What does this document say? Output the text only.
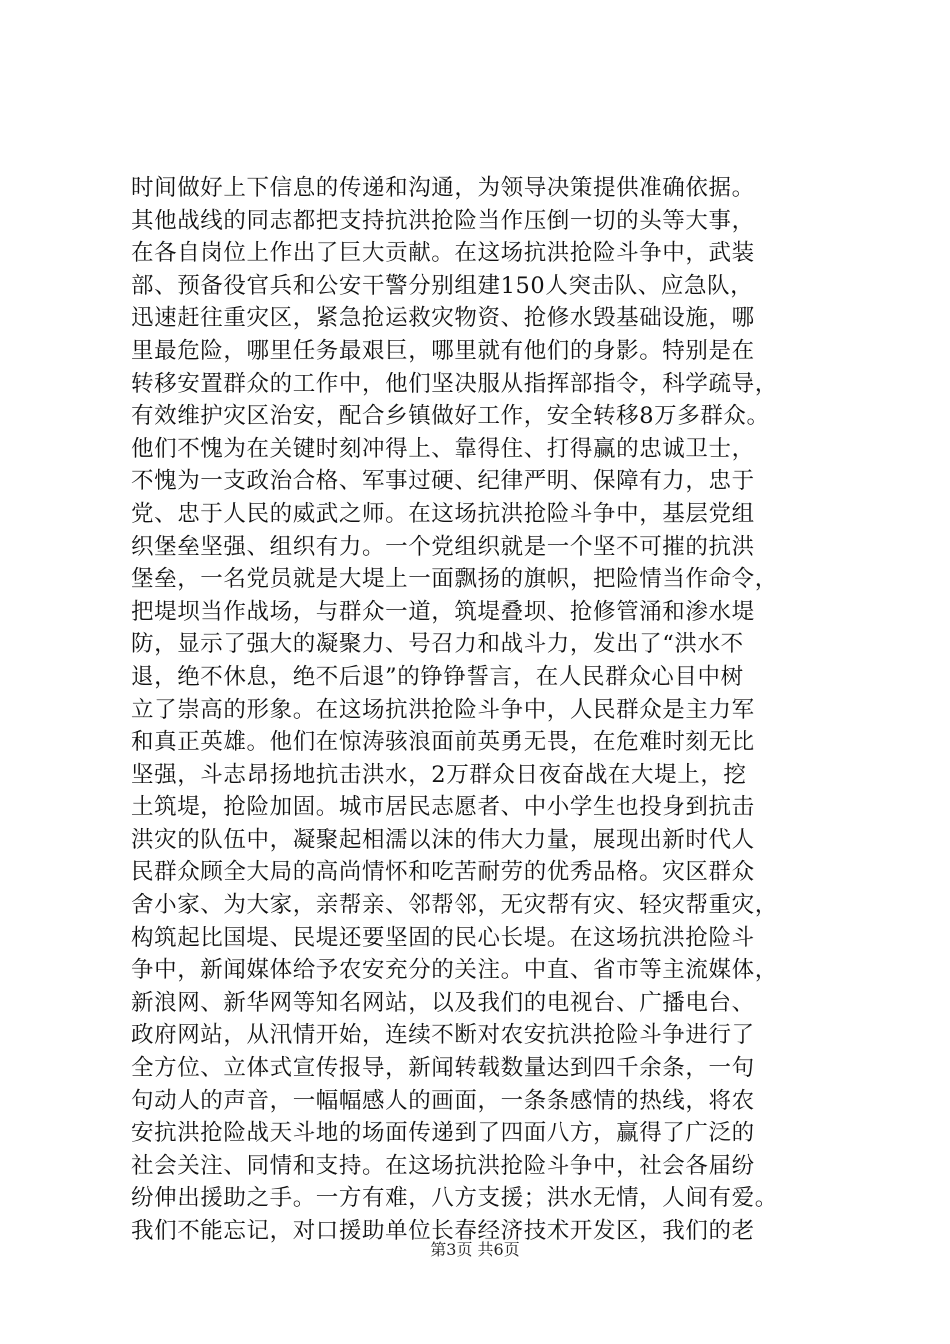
时间做好上下信息的传递和沟通，为领导决策提供准确依据。
其他战线的同志都把支持抗洪抢险当作压倒一切的头等大事，
在各自岗位上作出了巨大贡献。在这场抗洪抢险斗争中，武装
部、预备役官兵和公安干警分别组建150人突击队、应急队，
迅速赶往重灾区，紧急抢运救灾物资、抢修水毁基础设施，哪
里最危险，哪里任务最艰巨，哪里就有他们的身影。特别是在
转移安置群众的工作中，他们坚决服从指挥部指令，科学疏导，
有效维护灾区治安，配合乡镇做好工作，安全转移8万多群众。
他们不愧为在关键时刻冲得上、靠得住、打得赢的忠诚卫士，
不愧为一支政治合格、军事过硬、纪律严明、保障有力，忠于
党、忠于人民的威武之师。在这场抗洪抢险斗争中，基层党组
织堡垒坚强、组织有力。一个党组织就是一个坚不可摧的抗洪
堡垒，一名党员就是大堤上一面飘扬的旗帜，把险情当作命令，
把堤坝当作战场，与群众一道，筑堤叠坝、抢修管涌和渗水堤
防，显示了强大的凝聚力、号召力和战斗力，发出了“洪水不
退，绝不休息，绝不后退”的铮铮誓言，在人民群众心目中树
立了崇高的形象。在这场抗洪抢险斗争中，人民群众是主力军
和真正英雄。他们在惊涛骇浪面前英勇无畏，在危难时刻无比
坚强，斗志昂扬地抗击洪水，2万群众日夜奋战在大堤上，挖
土筑堤，抢险加固。城市居民志愿者、中小学生也投身到抗击
洪灾的队伍中，凝聚起相濡以沫的伟大力量，展现出新时代人
民群众顾全大局的高尚情怀和吃苦耐劳的优秀品格。灾区群众
舍小家、为大家，亲帮亲、邻帮邻，无灾帮有灾、轻灾帮重灾，
构筑起比国堤、民堤还要坚固的民心长堤。在这场抗洪抢险斗
争中，新闻媒体给予农安充分的关注。中直、省市等主流媒体，
新浪网、新华网等知名网站，以及我们的电视台、广播电台、
政府网站，从汛情开始，连续不断对农安抗洪抢险斗争进行了
全方位、立体式宣传报导，新闻转载数量达到四千余条，一句
句动人的声音，一幅幅感人的画面，一条条感情的热线，将农
安抗洪抢险战天斗地的场面传递到了四面八方，赢得了广泛的
社会关注、同情和支持。在这场抗洪抢险斗争中，社会各届纷
纷伸出援助之手。一方有难，八方支援；洪水无情，人间有爱。
我们不能忘记，对口援助单位长春经济技术开发区，我们的老
第3页 共6页
